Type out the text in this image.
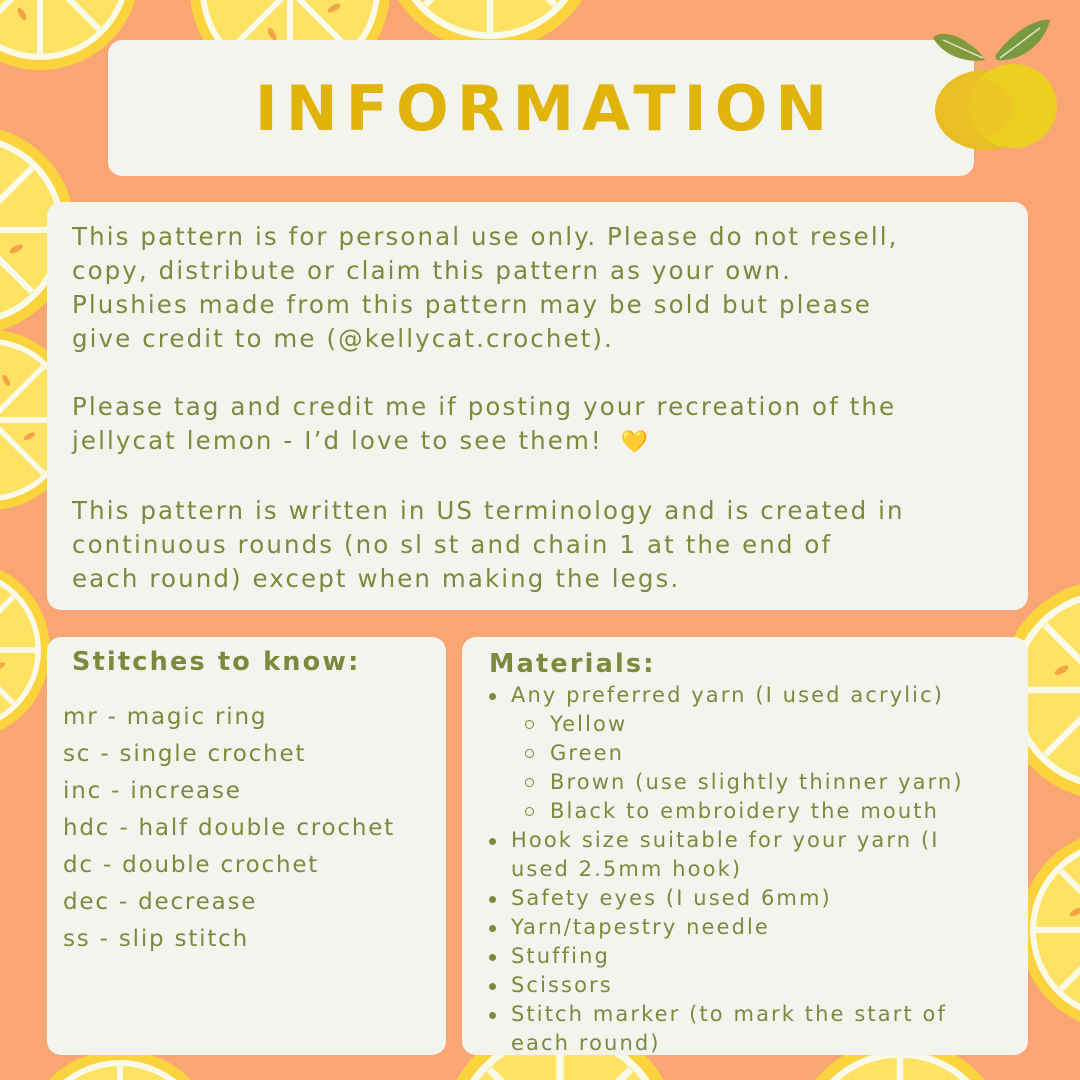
INFORMATION

This pattern is for personal use only. Please do not resell,
copy, distribute or claim this pattern as your own.
Plushies made from this pattern may be sold but please
give credit to me (@kellycat.crochet).

Please tag and credit me if posting your recreation of the
jellycat lemon - I’d love to see them! 💛

This pattern is written in US terminology and is created in
continuous rounds (no sl st and chain 1 at the end of
each round) except when making the legs.

Stitches to know:
mr - magic ring
sc - single crochet
inc - increase
hdc - half double crochet
dc - double crochet
dec - decrease
ss - slip stitch
Materials:
Any preferred yarn (I used acrylic)
Yellow
Green
Brown (use slightly thinner yarn)
Black to embroidery the mouth
Hook size suitable for your yarn (I used 2.5mm hook)
Safety eyes (I used 6mm)
Yarn/tapestry needle
Stuffing
Scissors
Stitch marker (to mark the start of each round)
